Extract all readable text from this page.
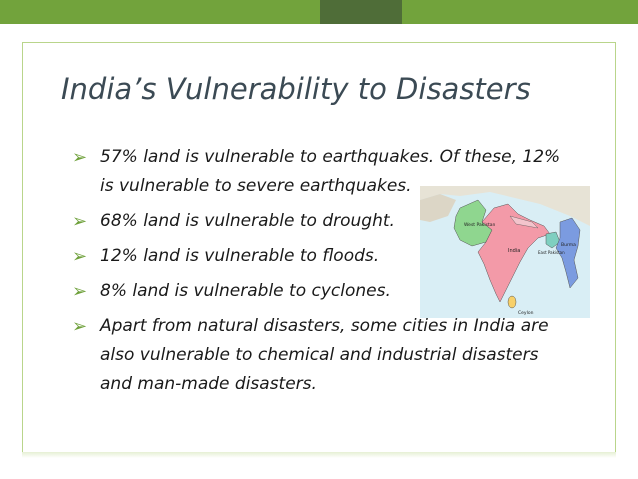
India’s Vulnerability to Disasters
West Pakistan
Burma
East Pakistan
India
Ceylon
➢ 57% land is vulnerable to earthquakes. Of these, 12% is vulnerable to severe earthquakes.
➢ 68% land is vulnerable to drought.
➢ 12% land is vulnerable to floods.
➢ 8% land is vulnerable to cyclones.
➢ Apart from natural disasters, some cities in India are also vulnerable to chemical and industrial disasters and man-made disasters.
